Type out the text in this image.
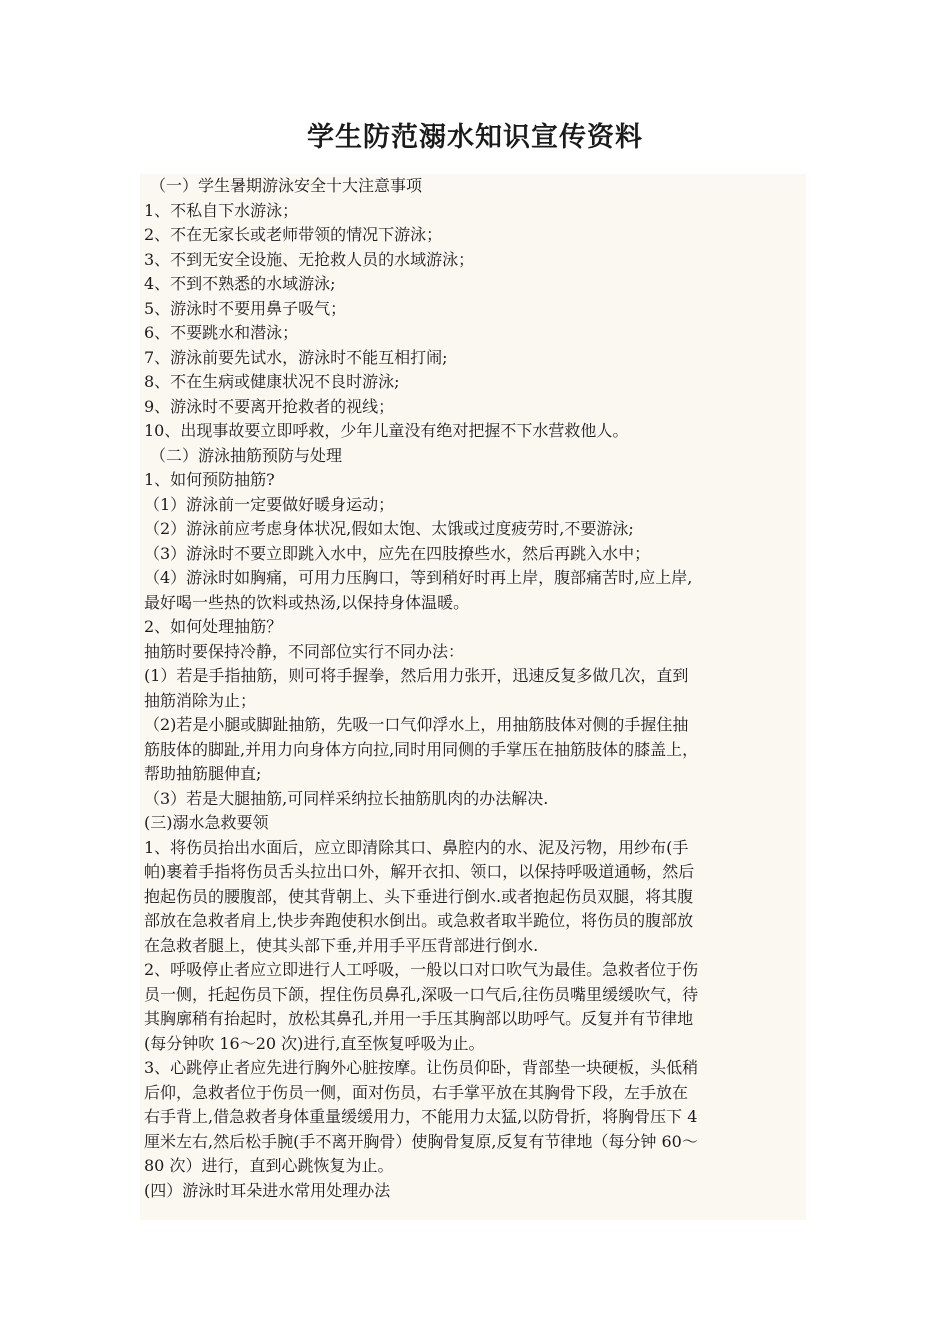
学生防范溺水知识宣传资料

（一）学生暑期游泳安全十大注意事项

1、不私自下水游泳；

2、不在无家长或老师带领的情况下游泳；

3、不到无安全设施、无抢救人员的水域游泳；

4、不到不熟悉的水域游泳;

5、游泳时不要用鼻子吸气；

6、不要跳水和潜泳；

7、游泳前要先试水，游泳时不能互相打闹;

8、不在生病或健康状况不良时游泳;

9、游泳时不要离开抢救者的视线；

10、出现事故要立即呼救，少年儿童没有绝对把握不下水营救他人。

（二）游泳抽筋预防与处理

1、如何预防抽筋?

（1）游泳前一定要做好暖身运动；

（2）游泳前应考虑身体状况,假如太饱、太饿或过度疲劳时,不要游泳;

（3）游泳时不要立即跳入水中，应先在四肢撩些水，然后再跳入水中；

（4）游泳时如胸痛，可用力压胸口，等到稍好时再上岸，腹部痛苦时,应上岸,

最好喝一些热的饮料或热汤,以保持身体温暖。

2、如何处理抽筋？

抽筋时要保持冷静，不同部位实行不同办法：

(1）若是手指抽筋，则可将手握拳，然后用力张开，迅速反复多做几次，直到

抽筋消除为止；

（2)若是小腿或脚趾抽筋，先吸一口气仰浮水上，用抽筋肢体对侧的手握住抽

筋肢体的脚趾,并用力向身体方向拉,同时用同侧的手掌压在抽筋肢体的膝盖上，

帮助抽筋腿伸直;

（3）若是大腿抽筋,可同样采纳拉长抽筋肌肉的办法解决.

(三)溺水急救要领

1、将伤员抬出水面后，应立即清除其口、鼻腔内的水、泥及污物，用纱布(手

帕)裹着手指将伤员舌头拉出口外，解开衣扣、领口，以保持呼吸道通畅，然后

抱起伤员的腰腹部，使其背朝上、头下垂进行倒水.或者抱起伤员双腿，将其腹

部放在急救者肩上,快步奔跑使积水倒出。或急救者取半跪位，将伤员的腹部放

在急救者腿上，使其头部下垂,并用手平压背部进行倒水.

2、呼吸停止者应立即进行人工呼吸，一般以口对口吹气为最佳。急救者位于伤

员一侧，托起伤员下颌，捏住伤员鼻孔,深吸一口气后,往伤员嘴里缓缓吹气，待

其胸廓稍有抬起时，放松其鼻孔,并用一手压其胸部以助呼气。反复并有节律地

(每分钟吹 16～20 次)进行,直至恢复呼吸为止。

3、心跳停止者应先进行胸外心脏按摩。让伤员仰卧，背部垫一块硬板，头低稍

后仰，急救者位于伤员一侧，面对伤员，右手掌平放在其胸骨下段，左手放在

右手背上,借急救者身体重量缓缓用力，不能用力太猛,以防骨折，将胸骨压下 4

厘米左右,然后松手腕(手不离开胸骨）使胸骨复原,反复有节律地（每分钟 60～

80 次）进行，直到心跳恢复为止。

(四）游泳时耳朵进水常用处理办法
